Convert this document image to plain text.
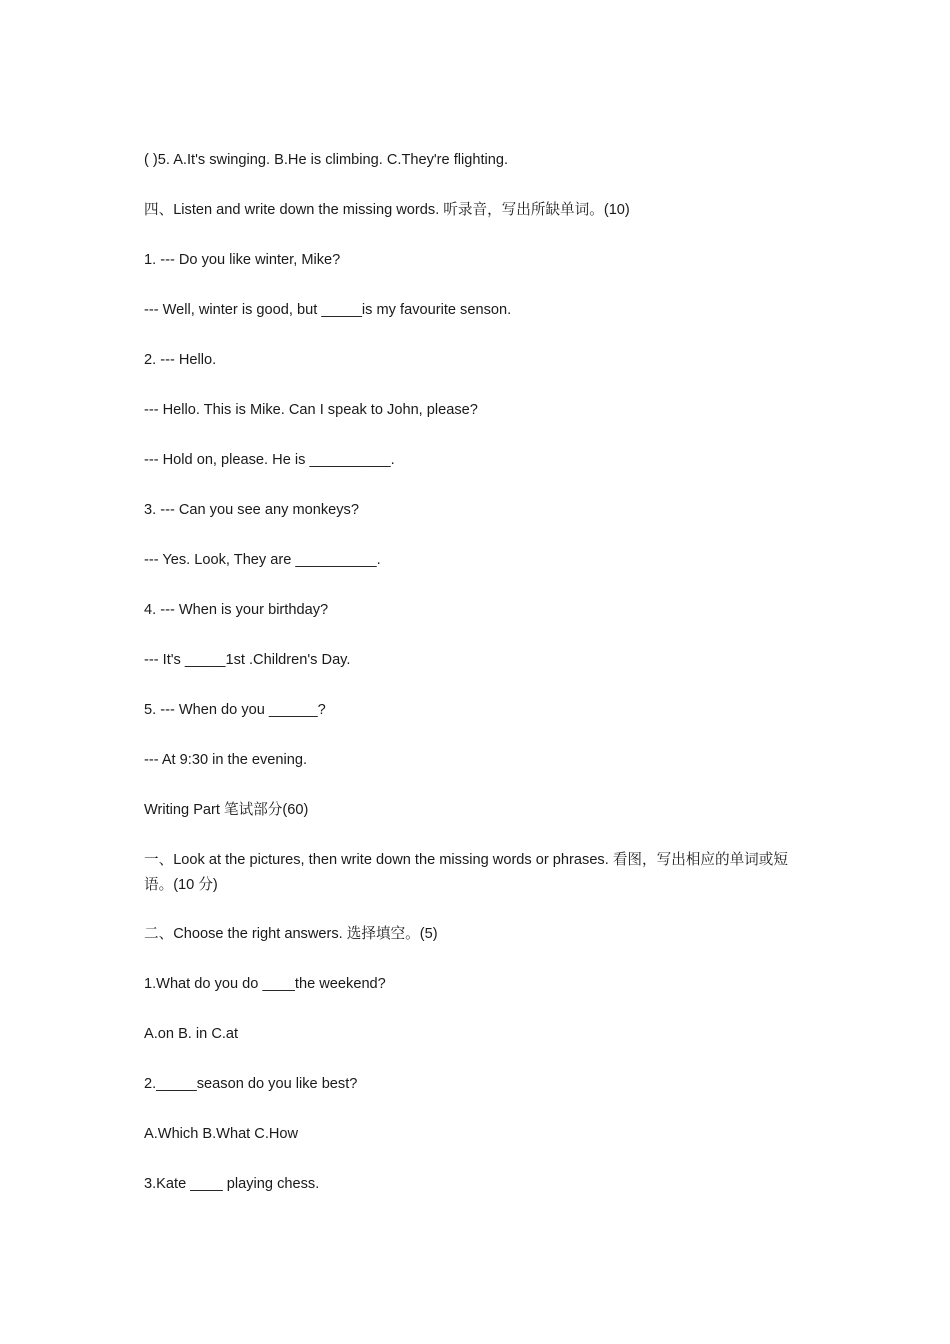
( )5. A.It's swinging. B.He is climbing. C.They're flighting.

四、Listen and write down the missing words. 听录音，写出所缺单词。(10)

1. --- Do you like winter, Mike?

--- Well, winter is good, but _____is my favourite senson.

2. --- Hello.

--- Hello. This is Mike. Can I speak to John, please?

--- Hold on, please. He is __________.

3. --- Can you see any monkeys?

--- Yes. Look, They are __________.

4. --- When is your birthday?

--- It's _____1st .Children's Day.

5. --- When do you ______?

--- At 9:30 in the evening.

Writing Part 笔试部分(60)

一、Look at the pictures, then write down the missing words or phrases. 看图，写出相应的单词或短语。(10 分)

二、Choose the right answers. 选择填空。(5)

1.What do you do ____the weekend?

A.on B. in C.at

2._____season do you like best?

A.Which B.What C.How

3.Kate ____ playing chess.
